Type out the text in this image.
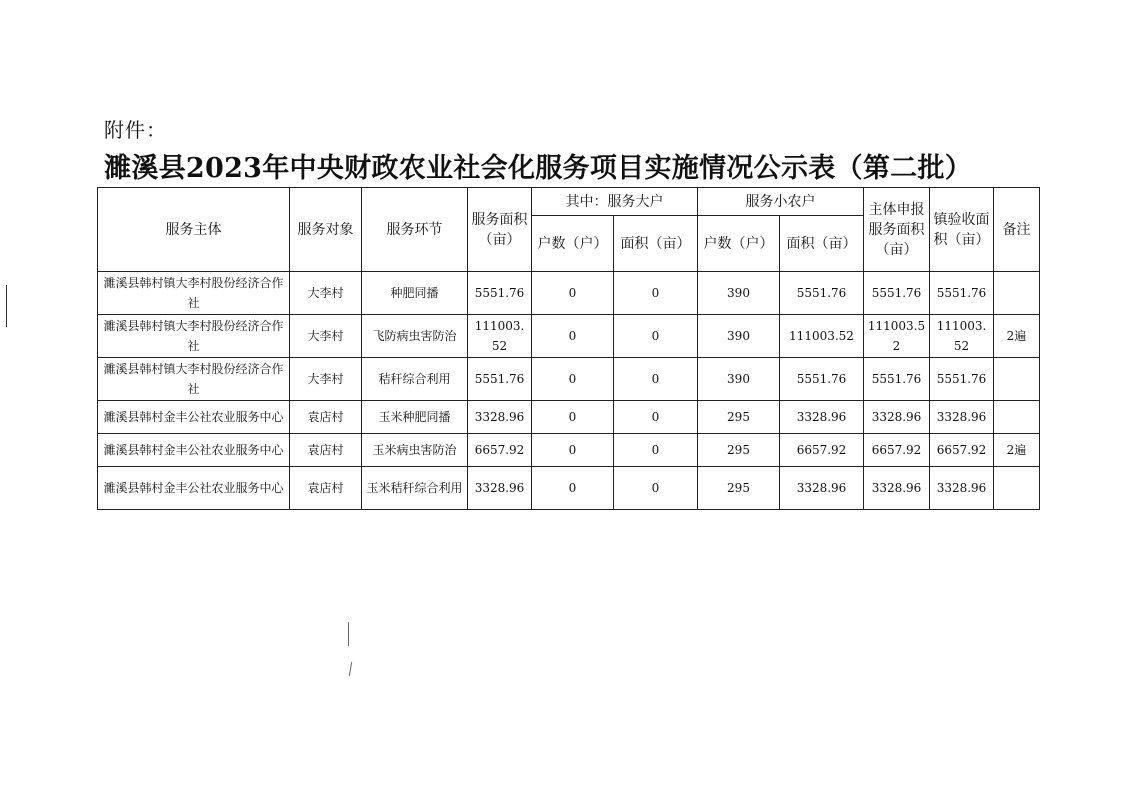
附件：
濉溪县2023年中央财政农业社会化服务项目实施情况公示表（第二批）
服务主体	服务对象	服务环节	服务面积（亩）	其中：服务大户		服务小农户		主体申报服务面积（亩）	镇验收面积（亩）	备注
				户数（户）	面积（亩）	户数（户）	面积（亩）			
濉溪县韩村镇大李村股份经济合作社	大李村	种肥同播	5551.76	0	0	390	5551.76	5551.76	5551.76	
濉溪县韩村镇大李村股份经济合作社	大李村	飞防病虫害防治	111003.52	0	0	390	111003.52	111003.52	111003.52	2遍
濉溪县韩村镇大李村股份经济合作社	大李村	秸秆综合利用	5551.76	0	0	390	5551.76	5551.76	5551.76	
濉溪县韩村金丰公社农业服务中心	袁店村	玉米种肥同播	3328.96	0	0	295	3328.96	3328.96	3328.96	
濉溪县韩村金丰公社农业服务中心	袁店村	玉米病虫害防治	6657.92	0	0	295	6657.92	6657.92	6657.92	2遍
濉溪县韩村金丰公社农业服务中心	袁店村	玉米秸秆综合利用	3328.96	0	0	295	3328.96	3328.96	3328.96	
